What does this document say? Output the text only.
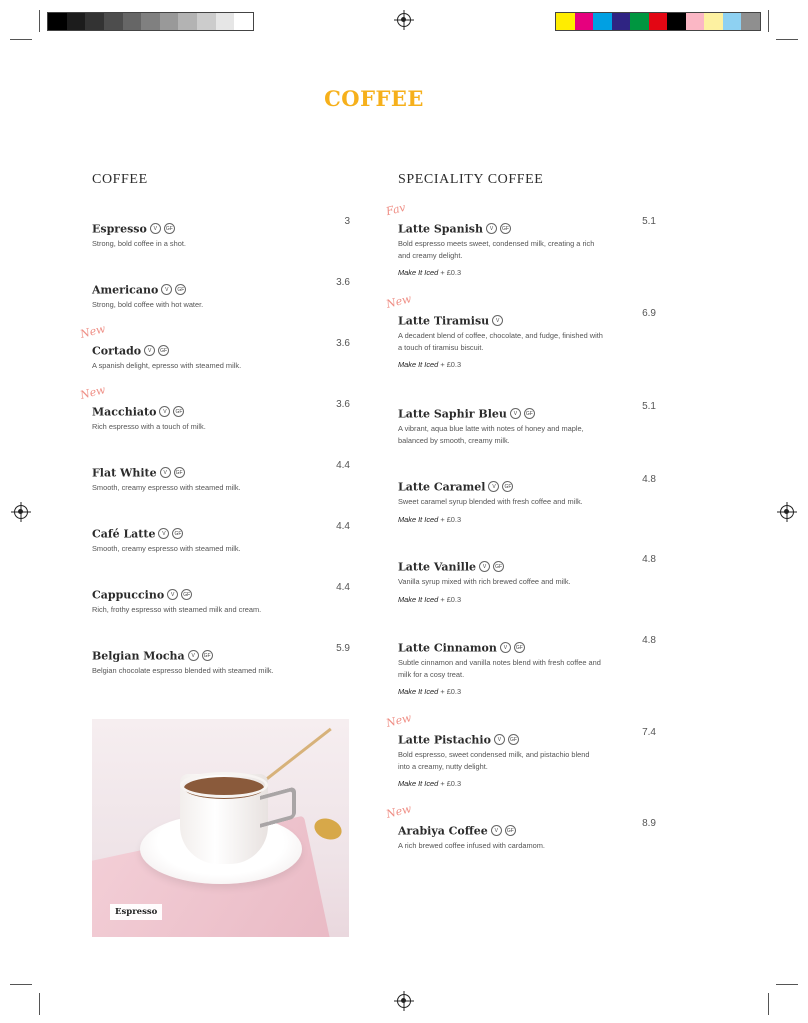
COFFEE
COFFEE	SPECIALITY COFFEE
Espresso V GF
3
Strong, bold coffee in a shot.
Americano V GF
3.6
Strong, bold coffee with hot water.
New
Cortado V GF
3.6
A spanish delight, epresso with steamed milk.
New
Macchiato V GF
3.6
Rich espresso with a touch of milk.
Flat White V GF
4.4
Smooth, creamy espresso with steamed milk.
Café Latte V GF
4.4
Smooth, creamy espresso with steamed milk.
Cappuccino V GF
4.4
Rich, frothy espresso with steamed milk and cream.
Belgian Mocha V GF
5.9
Belgian chocolate espresso blended with steamed milk.
Fav
Latte Spanish V GF
5.1
Bold espresso meets sweet, condensed milk, creating a rich and creamy delight.
Make It Iced + £0.3
New
Latte Tiramisu V
6.9
A decadent blend of coffee, chocolate, and fudge, finished with a touch of tiramisu biscuit.
Make It Iced + £0.3
Latte Saphir Bleu V GF
5.1
A vibrant, aqua blue latte with notes of honey and maple, balanced by smooth, creamy milk.
Latte Caramel V GF
4.8
Sweet caramel syrup blended with fresh coffee and milk.
Make It Iced + £0.3
Latte Vanille V GF
4.8
Vanilla syrup mixed with rich brewed coffee and milk.
Make It Iced + £0.3
Latte Cinnamon V GF
4.8
Subtle cinnamon and vanilla notes blend with fresh coffee and milk for a cosy treat.
Make It Iced + £0.3
New
Latte Pistachio V GF
7.4
Bold espresso, sweet condensed milk, and pistachio blend into a creamy, nutty delight.
Make It Iced + £0.3
New
Arabiya Coffee V GF
8.9
A rich brewed coffee infused with cardamom.
Espresso
